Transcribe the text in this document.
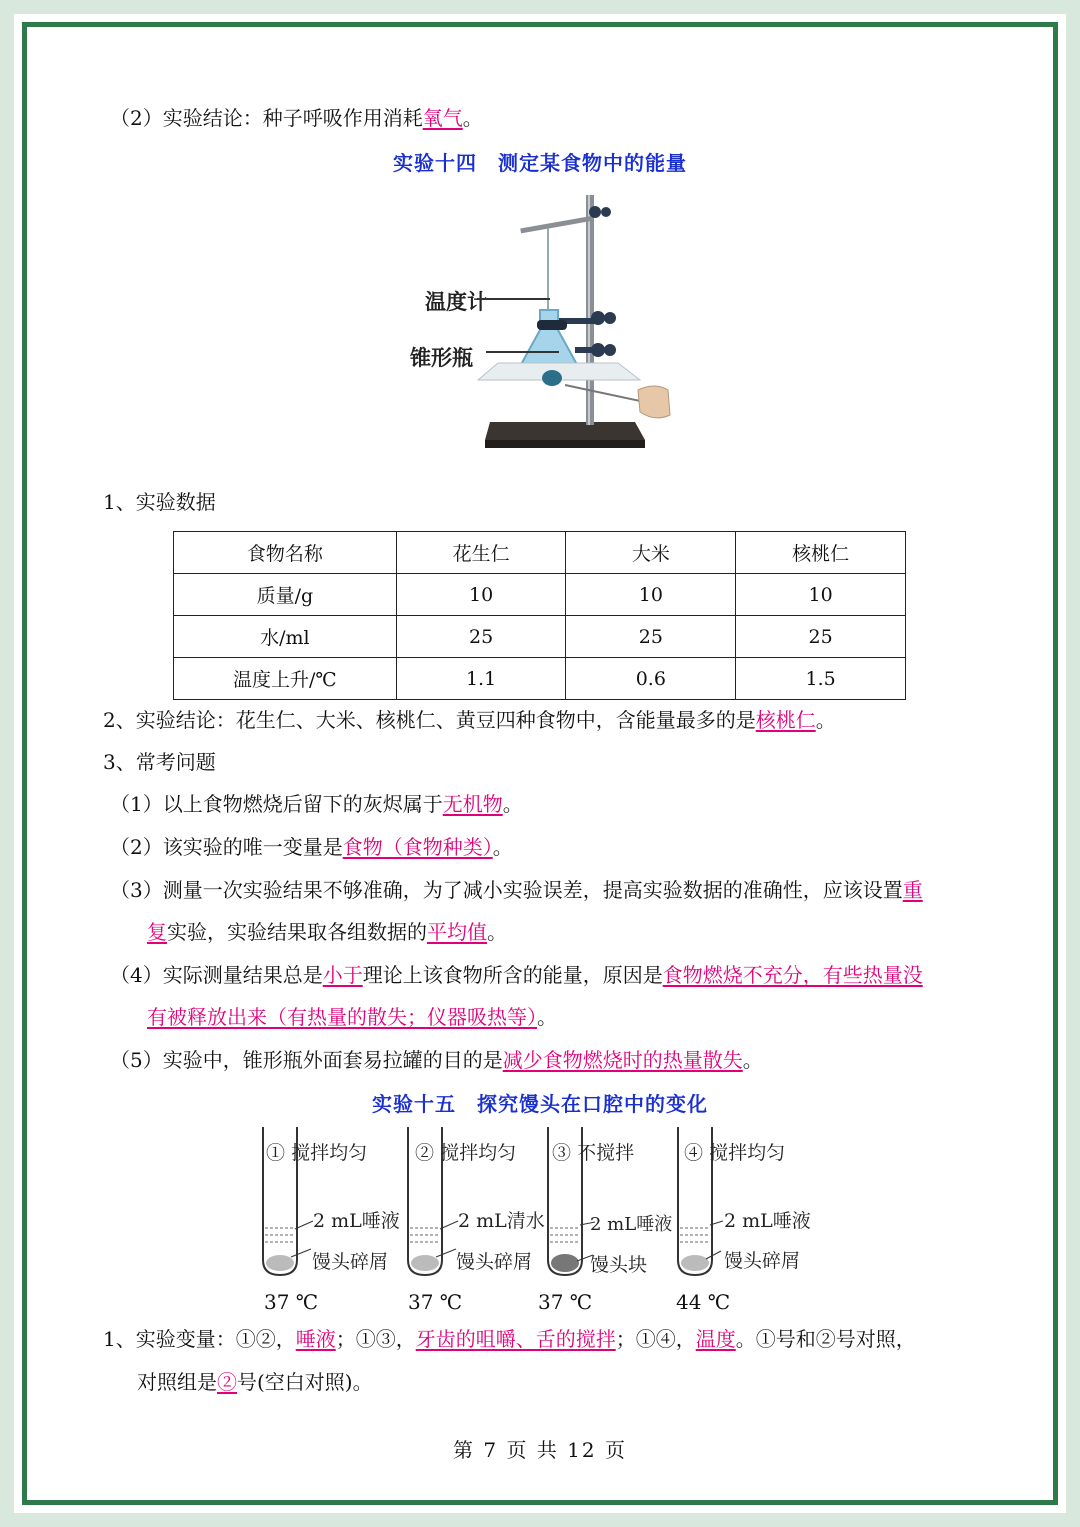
（2）实验结论：种子呼吸作用消耗氧气。
实验十四　测定某食物中的能量
温度计
锥形瓶
1、实验数据
食物名称	花生仁	大米	核桃仁
质量/g	10	10	10
水/ml	25	25	25
温度上升/℃	1.1	0.6	1.5
2、实验结论：花生仁、大米、核桃仁、黄豆四种食物中，含能量最多的是核桃仁。
3、常考问题
（1）以上食物燃烧后留下的灰烬属于无机物。
（2）该实验的唯一变量是食物（食物种类）。
（3）测量一次实验结果不够准确，为了减小实验误差，提高实验数据的准确性，应该设置重
复实验，实验结果取各组数据的平均值。
（4）实际测量结果总是小于理论上该食物所含的能量，原因是食物燃烧不充分，有些热量没
有被释放出来（有热量的散失；仪器吸热等）。
（5）实验中，锥形瓶外面套易拉罐的目的是减少食物燃烧时的热量散失。
实验十五　探究馒头在口腔中的变化
① 搅拌均匀
2 mL唾液
馒头碎屑
37 ℃
② 搅拌均匀
2 mL清水
馒头碎屑
37 ℃
③ 不搅拌
2 mL唾液
馒头块
37 ℃
④ 搅拌均匀
2 mL唾液
馒头碎屑
44 ℃
1、实验变量：①②，唾液；①③，牙齿的咀嚼、舌的搅拌；①④，温度。①号和②号对照，
对照组是②号(空白对照)。
第 7 页 共 12 页
